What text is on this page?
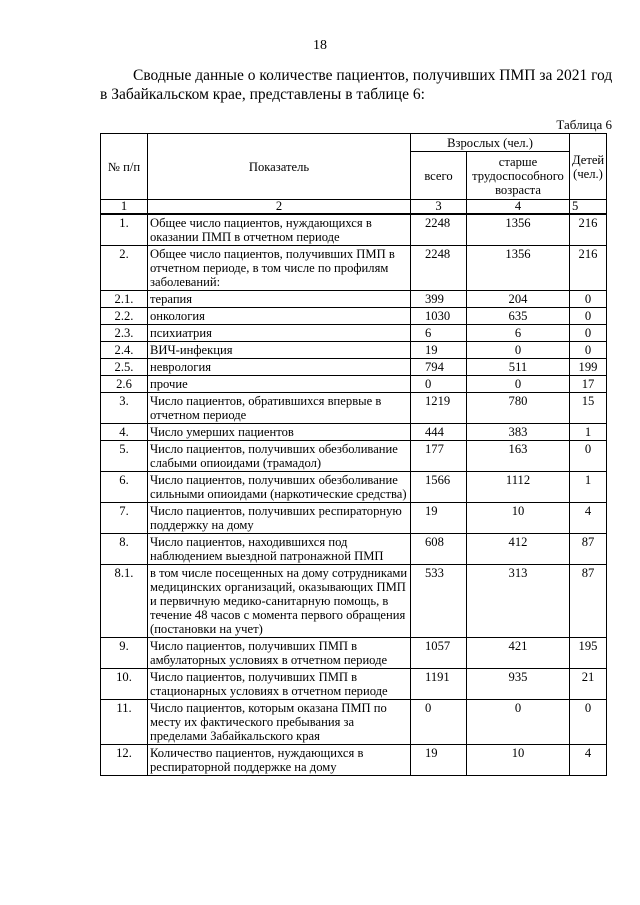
18
Сводные данные о количестве пациентов, получивших ПМП за 2021 год
в Забайкальском крае, представлены в таблице 6:
Таблица 6
№ п/п	Показатель	Взрослых (чел.)		Детей (чел.)
		всего	старше трудоспособного возраста	
1	2	3	4	5
1.	Общее число пациентов, нуждающихся в оказании ПМП в отчетном периоде	2248	1356	216
2.	Общее число пациентов, получивших ПМП в отчетном периоде, в том числе по профилям заболеваний:	2248	1356	216
2.1.	терапия	399	204	0
2.2.	онкология	1030	635	0
2.3.	психиатрия	6	6	0
2.4.	ВИЧ-инфекция	19	0	0
2.5.	неврология	794	511	199
2.6	прочие	0	0	17
3.	Число пациентов, обратившихся впервые в отчетном периоде	1219	780	15
4.	Число умерших пациентов	444	383	1
5.	Число пациентов, получивших обезболивание слабыми опиоидами (трамадол)	177	163	0
6.	Число пациентов, получивших обезболивание сильными опиоидами (наркотические средства)	1566	1112	1
7.	Число пациентов, получивших респираторную поддержку на дому	19	10	4
8.	Число пациентов, находившихся под наблюдением выездной патронажной ПМП	608	412	87
8.1.	в том числе посещенных на дому сотрудниками медицинских организаций, оказывающих ПМП и первичную медико-санитарную помощь, в течение 48 часов с момента первого обращения (постановки на учет)	533	313	87
9.	Число пациентов, получивших ПМП в амбулаторных условиях в отчетном периоде	1057	421	195
10.	Число пациентов, получивших ПМП в стационарных условиях в отчетном периоде	1191	935	21
11.	Число пациентов, которым оказана ПМП по месту их фактического пребывания за пределами Забайкальского края	0	0	0
12.	Количество пациентов, нуждающихся в респираторной поддержке на дому	19	10	4
